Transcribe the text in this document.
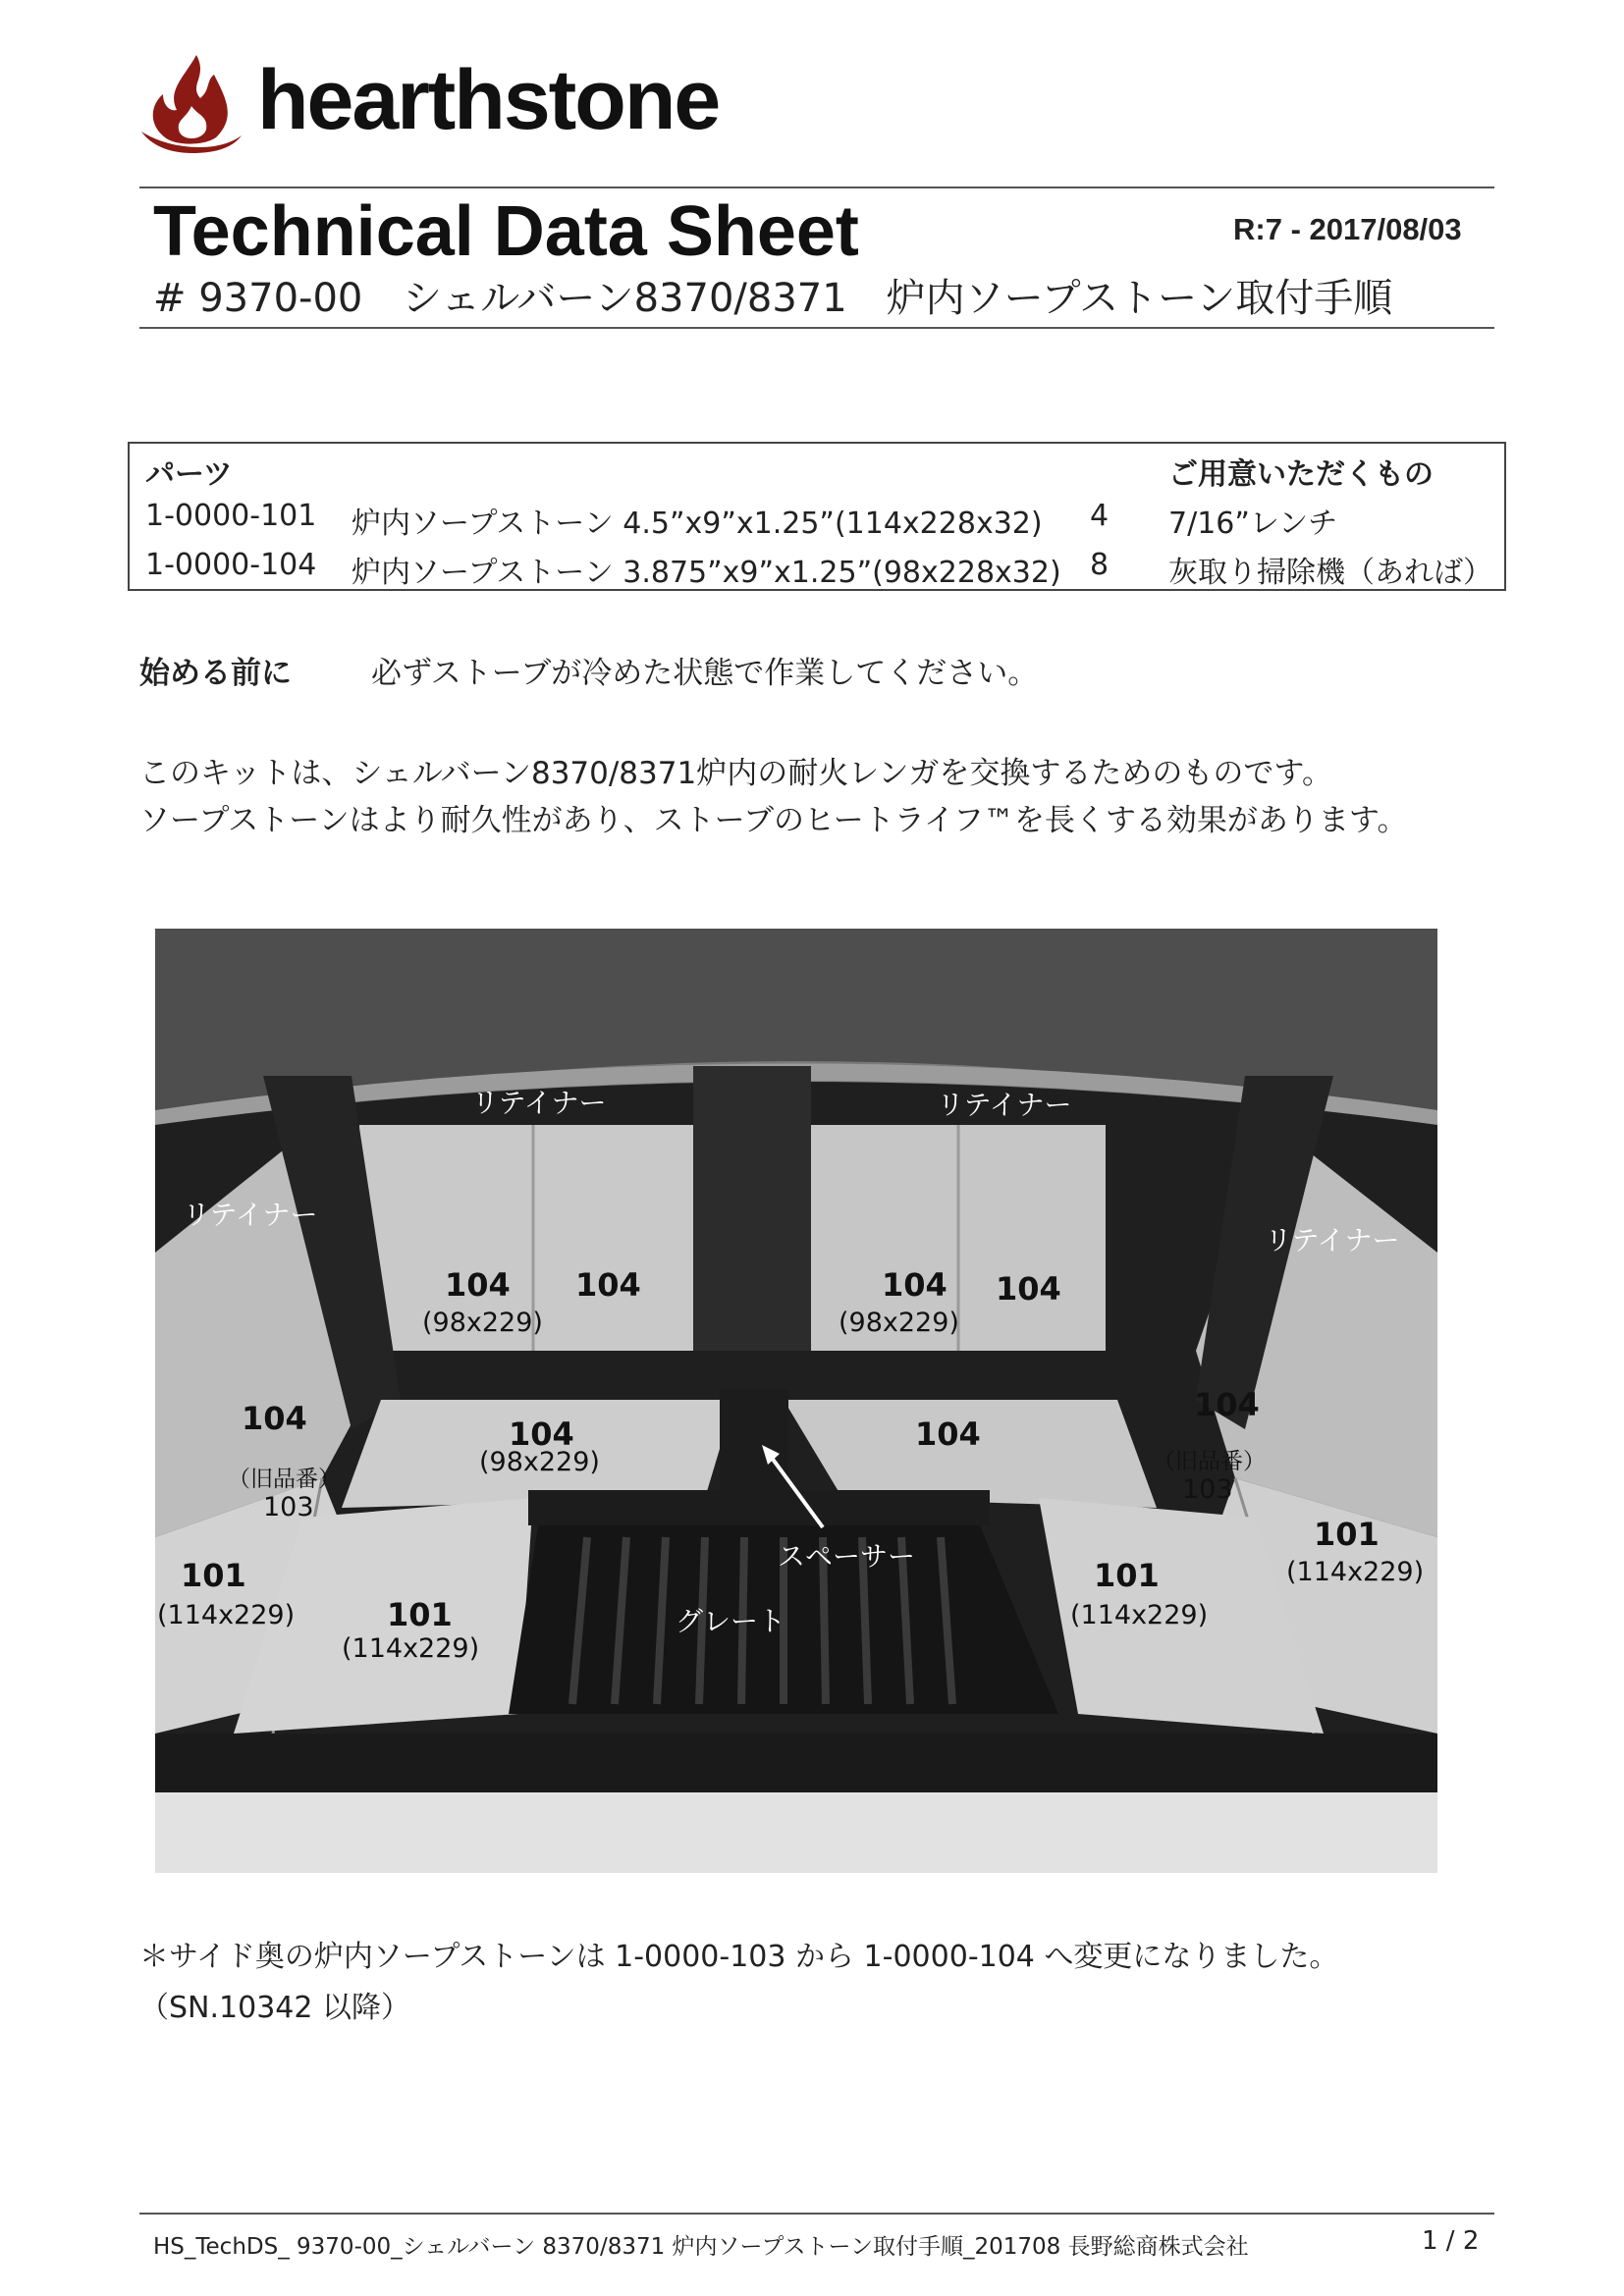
hearthstone
Technical Data Sheet	R:7 - 2017/08/03
# 9370-00 シェルバーン8370/8371　炉内ソープストーン取付手順
パーツ	ご用意いただくもの
1-0000-101 炉内ソープストーン 4.5”x9”x1.25”(114x228x32) 4 7/16”レンチ
1-0000-104 炉内ソープストーン 3.875”x9”x1.25”(98x228x32) 8 灰取り掃除機（あれば）
始める前に	必ずストーブが冷めた状態で作業してください。
このキットは、シェルバーン8370/8371炉内の耐火レンガを交換するためのものです。
ソープストーンはより耐久性があり、ストーブのヒートライフ™を長くする効果があります。
リテイナー	リテイナー
リテイナー
リテイナー
104
(98x229)
104	104
(98x229)
104
104
（旧品番）
103
104
(98x229)
104
104
（旧品番）
103
101
(114x229)	101
(114x229)
101
(114x229)
101
(114x229)
スペーサー
グレート
＊サイド奥の炉内ソープストーンは 1-0000-103 から 1-0000-104 へ変更になりました。
（SN.10342 以降）
HS_TechDS_ 9370-00_シェルバーン 8370/8371 炉内ソープストーン取付手順_201708 長野総商株式会社	1 / 2
